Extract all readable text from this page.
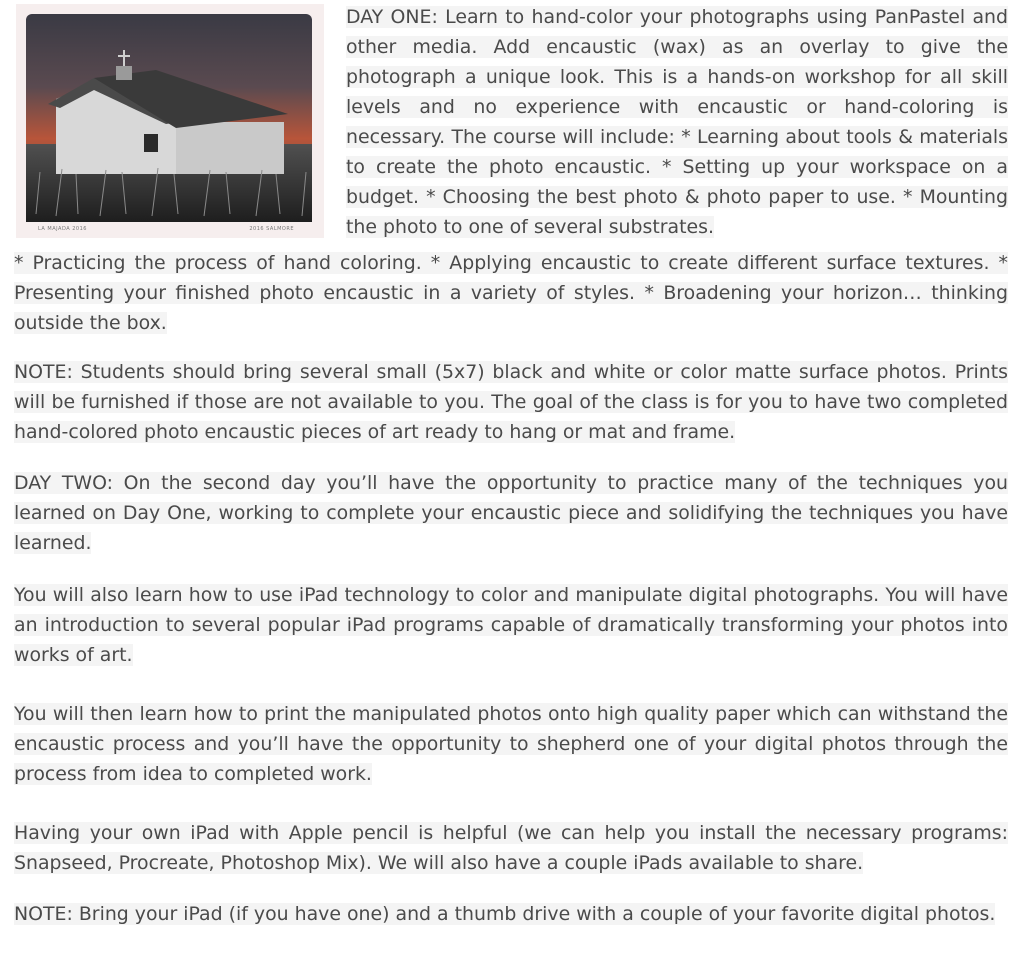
LA MAJADA 2016	2016 SALMORE

DAY ONE: Learn to hand-color your photographs using PanPastel and other media. Add encaustic (wax) as an overlay to give the photograph a unique look. This is a hands-on workshop for all skill levels and no experience with encaustic or hand-coloring is necessary. The course will include: * Learning about tools & materials to create the photo encaustic. * Setting up your workspace on a budget. * Choosing the best photo & photo paper to use. * Mounting the photo to one of several substrates.

* Practicing the process of hand coloring. * Applying encaustic to create different surface textures. * Presenting your finished photo encaustic in a variety of styles. * Broadening your horizon… thinking outside the box.

NOTE: Students should bring several small (5x7) black and white or color matte surface photos. Prints will be furnished if those are not available to you. The goal of the class is for you to have two completed hand-colored photo encaustic pieces of art ready to hang or mat and frame.

DAY TWO: On the second day you’ll have the opportunity to practice many of the techniques you learned on Day One, working to complete your encaustic piece and solidifying the techniques you have learned.

You will also learn how to use iPad technology to color and manipulate digital photographs. You will have an introduction to several popular iPad programs capable of dramatically transforming your photos into works of art.

You will then learn how to print the manipulated photos onto high quality paper which can withstand the encaustic process and you’ll have the opportunity to shepherd one of your digital photos through the process from idea to completed work.

Having your own iPad with Apple pencil is helpful (we can help you install the necessary programs: Snapseed, Procreate, Photoshop Mix). We will also have a couple iPads available to share.

NOTE: Bring your iPad (if you have one) and a thumb drive with a couple of your favorite digital photos.
